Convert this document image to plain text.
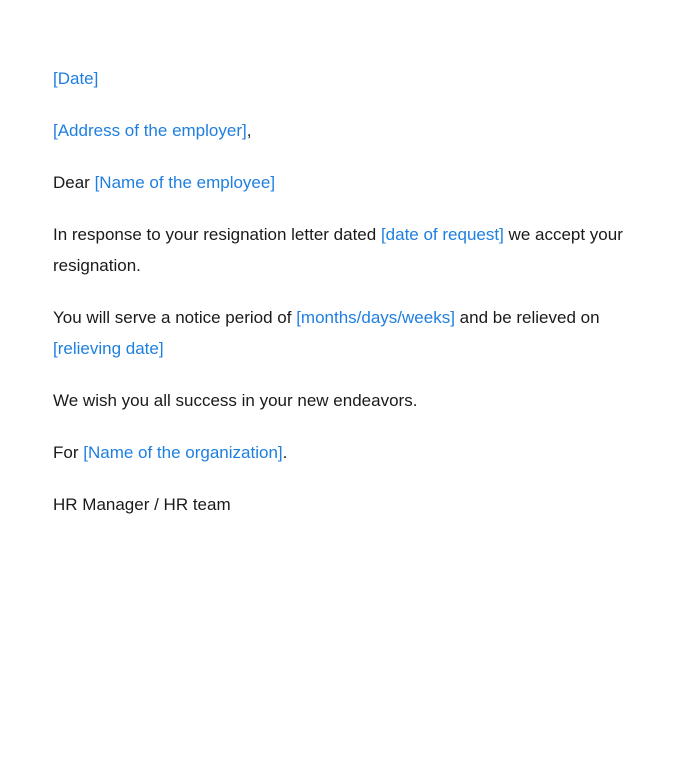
[Date]

[Address of the employer],

Dear [Name of the employee]

In response to your resignation letter dated [date of request] we accept your resignation.

You will serve a notice period of [months/days/weeks] and be relieved on [relieving date]

We wish you all success in your new endeavors.

For [Name of the organization].

HR Manager / HR team
